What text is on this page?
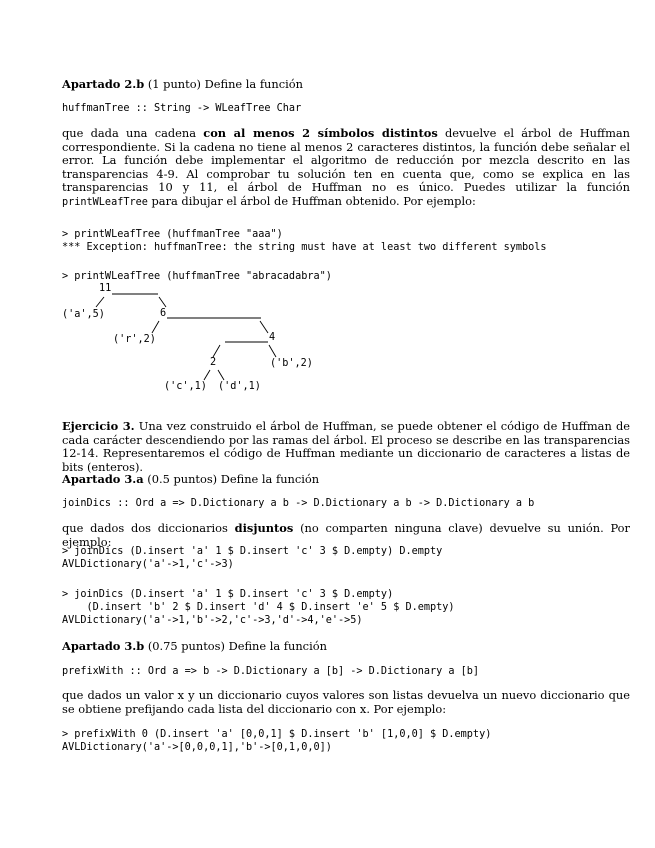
Apartado 2.b (1 punto) Define la función

huffmanTree :: String -> WLeafTree Char

que dada una cadena con al menos 2 símbolos distintos devuelve el árbol de Huffman correspondiente. Si la cadena no tiene al menos 2 caracteres distintos, la función debe señalar el error. La función debe implementar el algoritmo de reducción por mezcla descrito en las transparencias 4-9. Al comprobar tu solución ten en cuenta que, como se explica en las transparencias 10 y 11, el árbol de Huffman no es único. Puedes utilizar la función printWLeafTree para dibujar el árbol de Huffman obtenido. Por ejemplo:

> printWLeafTree (huffmanTree "aaa")

*** Exception: huffmanTree: the string must have at least two different symbols

> printWLeafTree (huffmanTree "abracadabra")

11
('a',5)	6
('r',2)	4
2	('b',2)
('c',1) ('d',1)

Ejercicio 3. Una vez construido el árbol de Huffman, se puede obtener el código de Huffman de cada carácter descendiendo por las ramas del árbol. El proceso se describe en las transparencias 12-14. Representaremos el código de Huffman mediante un diccionario de caracteres a listas de bits (enteros).

Apartado 3.a (0.5 puntos) Define la función

joinDics :: Ord a => D.Dictionary a b -> D.Dictionary a b -> D.Dictionary a b

que dados dos diccionarios disjuntos (no comparten ninguna clave) devuelve su unión. Por ejemplo:

> joinDics (D.insert 'a' 1 $ D.insert 'c' 3 $ D.empty) D.empty

AVLDictionary('a'->1,'c'->3)

> joinDics (D.insert 'a' 1 $ D.insert 'c' 3 $ D.empty)

(D.insert 'b' 2 $ D.insert 'd' 4 $ D.insert 'e' 5 $ D.empty)

AVLDictionary('a'->1,'b'->2,'c'->3,'d'->4,'e'->5)

Apartado 3.b (0.75 puntos) Define la función

prefixWith :: Ord a => b -> D.Dictionary a [b] -> D.Dictionary a [b]

que dados un valor x y un diccionario cuyos valores son listas devuelva un nuevo diccionario que se obtiene prefijando cada lista del diccionario con x. Por ejemplo:

> prefixWith 0 (D.insert 'a' [0,0,1] $ D.insert 'b' [1,0,0] $ D.empty)

AVLDictionary('a'->[0,0,0,1],'b'->[0,1,0,0])
